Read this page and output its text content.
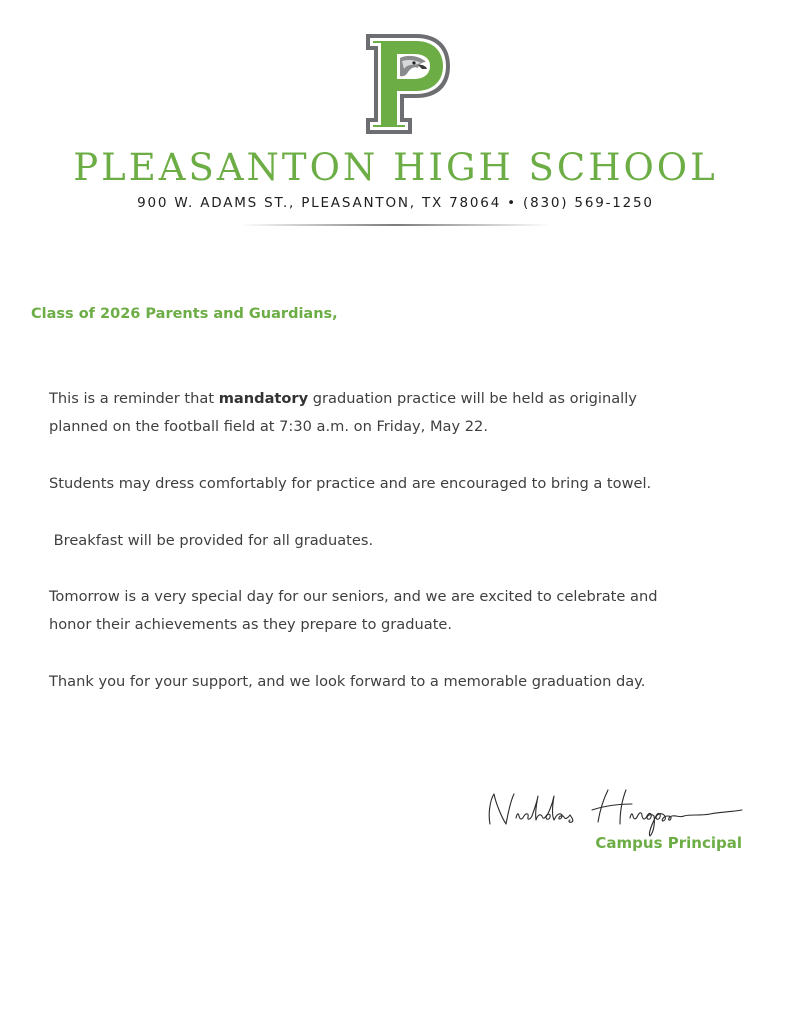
PLEASANTON HIGH SCHOOL
900 W. ADAMS ST., PLEASANTON, TX 78064 • (830) 569-1250
Class of 2026 Parents and Guardians,

This is a reminder that mandatory graduation practice will be held as originally
planned on the football field at 7:30 a.m. on Friday, May 22.

Students may dress comfortably for practice and are encouraged to bring a towel.

Breakfast will be provided for all graduates.

Tomorrow is a very special day for our seniors, and we are excited to celebrate and
honor their achievements as they prepare to graduate.

Thank you for your support, and we look forward to a memorable graduation day.

Campus Principal
